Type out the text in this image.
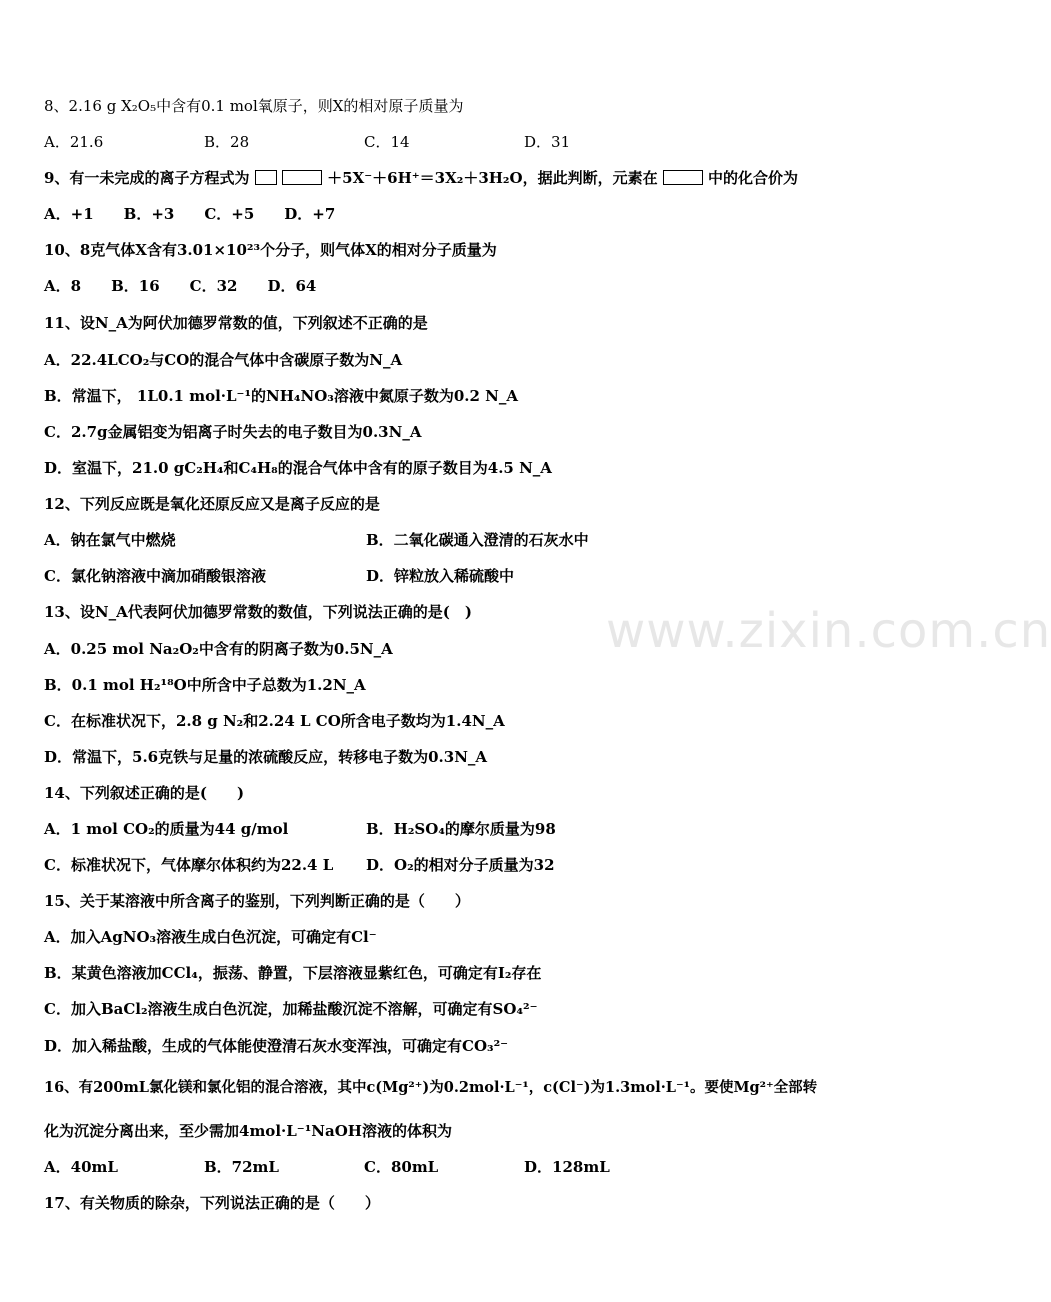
www.zixin.com.cn
8、2.16 g X₂O₅中含有0.1 mol氧原子，则X的相对原子质量为
A．21.6	B．28	C．14	D．31
9、有一未完成的离子方程式为	＋5X⁻＋6H⁺＝3X₂＋3H₂O，据此判断，元素在	中的化合价为
A．+1　　B．+3　　C．+5　　D．+7
10、8克气体X含有3.01×10²³个分子，则气体X的相对分子质量为
A．8　　B．16　　C．32　　D．64
11、设N_A为阿伏加德罗常数的值，下列叙述不正确的是
A．22.4LCO₂与CO的混合气体中含碳原子数为N_A
B．常温下， 1L0.1 mol·L⁻¹的NH₄NO₃溶液中氮原子数为0.2 N_A
C．2.7g金属铝变为铝离子时失去的电子数目为0.3N_A
D．室温下，21.0 gC₂H₄和C₄H₈的混合气体中含有的原子数目为4.5 N_A
12、下列反应既是氧化还原反应又是离子反应的是
A．钠在氯气中燃烧	B．二氧化碳通入澄清的石灰水中
C．氯化钠溶液中滴加硝酸银溶液	D．锌粒放入稀硫酸中
13、设N_A代表阿伏加德罗常数的数值，下列说法正确的是(　)
A．0.25 mol Na₂O₂中含有的阴离子数为0.5N_A
B．0.1 mol H₂¹⁸O中所含中子总数为1.2N_A
C．在标准状况下，2.8 g N₂和2.24 L CO所含电子数均为1.4N_A
D．常温下，5.6克铁与足量的浓硫酸反应，转移电子数为0.3N_A
14、下列叙述正确的是(　　)
A．1 mol CO₂的质量为44 g/mol	B．H₂SO₄的摩尔质量为98
C．标准状况下，气体摩尔体积约为22.4 L D．O₂的相对分子质量为32
15、关于某溶液中所含离子的鉴别，下列判断正确的是（　　）
A．加入AgNO₃溶液生成白色沉淀，可确定有Cl⁻
B．某黄色溶液加CCl₄，振荡、静置，下层溶液显紫红色，可确定有I₂存在
C．加入BaCl₂溶液生成白色沉淀，加稀盐酸沉淀不溶解，可确定有SO₄²⁻
D．加入稀盐酸，生成的气体能使澄清石灰水变浑浊，可确定有CO₃²⁻
16、有200mL氯化镁和氯化铝的混合溶液，其中c(Mg²⁺)为0.2mol·L⁻¹，c(Cl⁻)为1.3mol·L⁻¹。要使Mg²⁺全部转
化为沉淀分离出来，至少需加4mol·L⁻¹NaOH溶液的体积为
A．40mL	B．72mL	C．80mL	D．128mL
17、有关物质的除杂，下列说法正确的是（　　）
